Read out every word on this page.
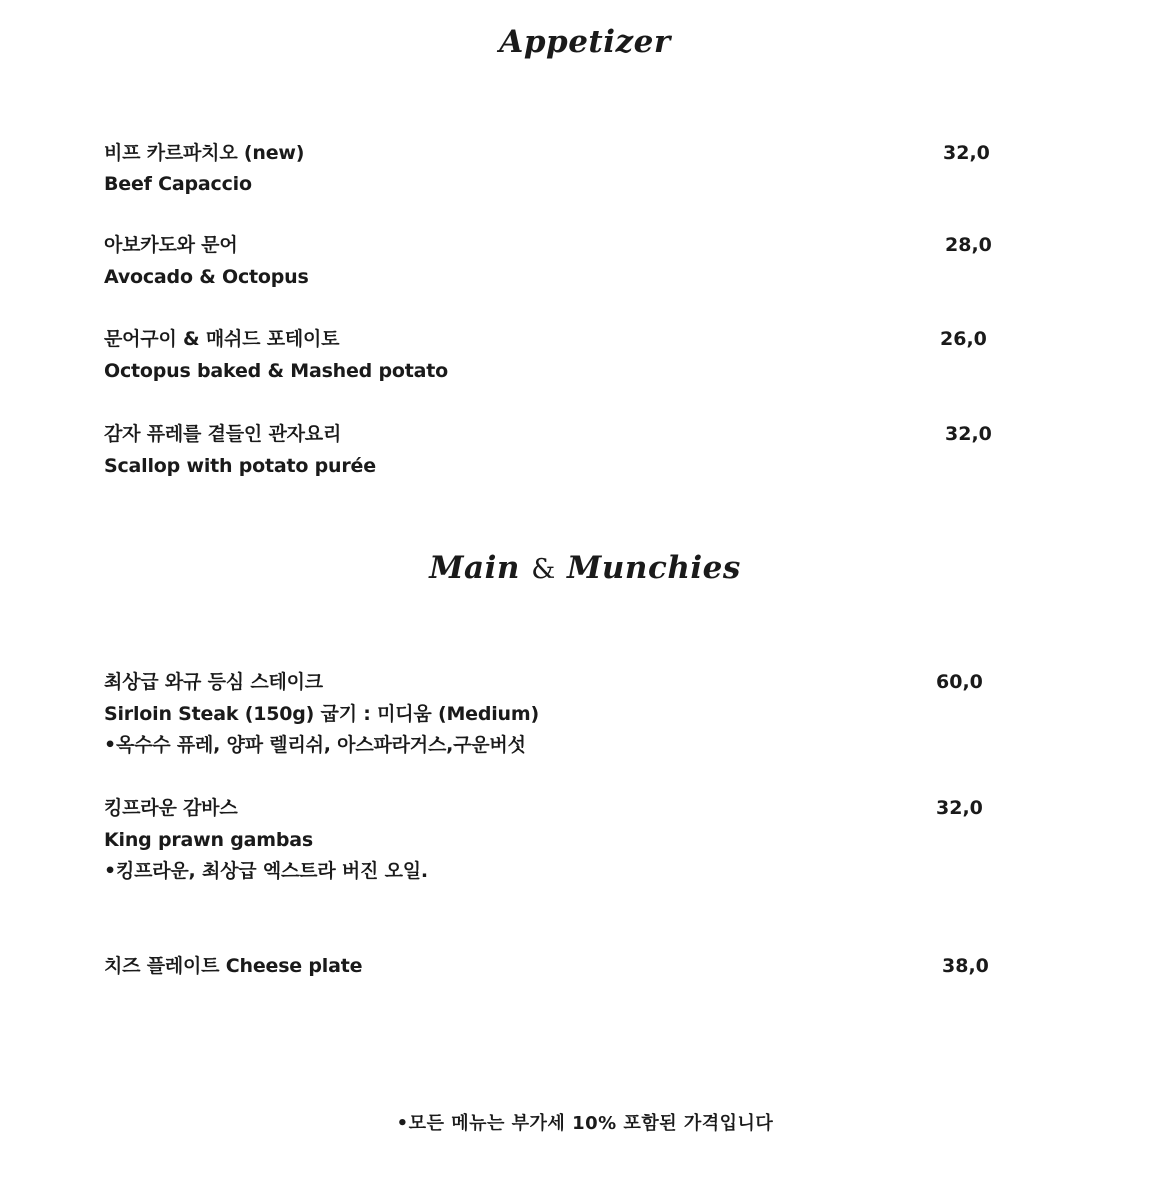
Appetizer
비프 카르파치오 (new)
Beef Capaccio
32,0
아보카도와 문어
Avocado & Octopus
28,0
문어구이 & 매쉬드 포테이토
Octopus baked & Mashed potato
26,0
감자 퓨레를 곁들인 관자요리
Scallop with potato purée
32,0
Main & Munchies
최상급 와규 등심 스테이크
Sirloin Steak (150g) 굽기 : 미디움 (Medium)
•옥수수 퓨레, 양파 렐리쉬, 아스파라거스,구운버섯
60,0
킹프라운 감바스
King prawn gambas
•킹프라운, 최상급 엑스트라 버진 오일.
32,0
치즈 플레이트 Cheese plate	38,0
•모든 메뉴는 부가세 10% 포함된 가격입니다
